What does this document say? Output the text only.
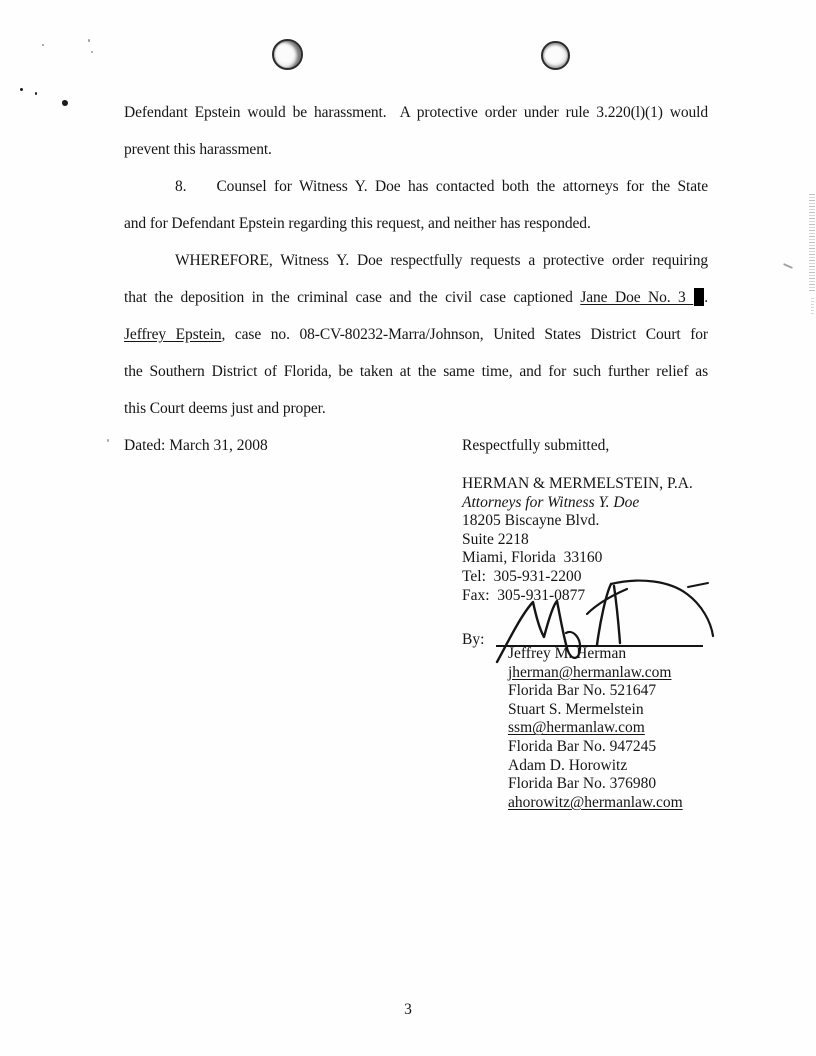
Defendant Epstein would be harassment.  A protective order under rule 3.220(l)(1) would
prevent this harassment.
8. Counsel for Witness Y. Doe has contacted both the attorneys for the State
and for Defendant Epstein regarding this request, and neither has responded.
WHEREFORE, Witness Y. Doe respectfully requests a protective order requiring
that the deposition in the criminal case and the civil case captioned Jane Doe No. 3 .
Jeffrey Epstein, case no. 08-CV-80232-Marra/Johnson, United States District Court for
the Southern District of Florida, be taken at the same time, and for such further relief as
this Court deems just and proper.
Dated: March 31, 2008	Respectfully submitted,
HERMAN & MERMELSTEIN, P.A.
Attorneys for Witness Y. Doe
18205 Biscayne Blvd.
Suite 2218
Miami, Florida  33160
Tel:  305-931-2200
Fax:  305-931-0877
By:
Jeffrey M. Herman
jherman@hermanlaw.com
Florida Bar No. 521647
Stuart S. Mermelstein
ssm@hermanlaw.com
Florida Bar No. 947245
Adam D. Horowitz
Florida Bar No. 376980
ahorowitz@hermanlaw.com
3
